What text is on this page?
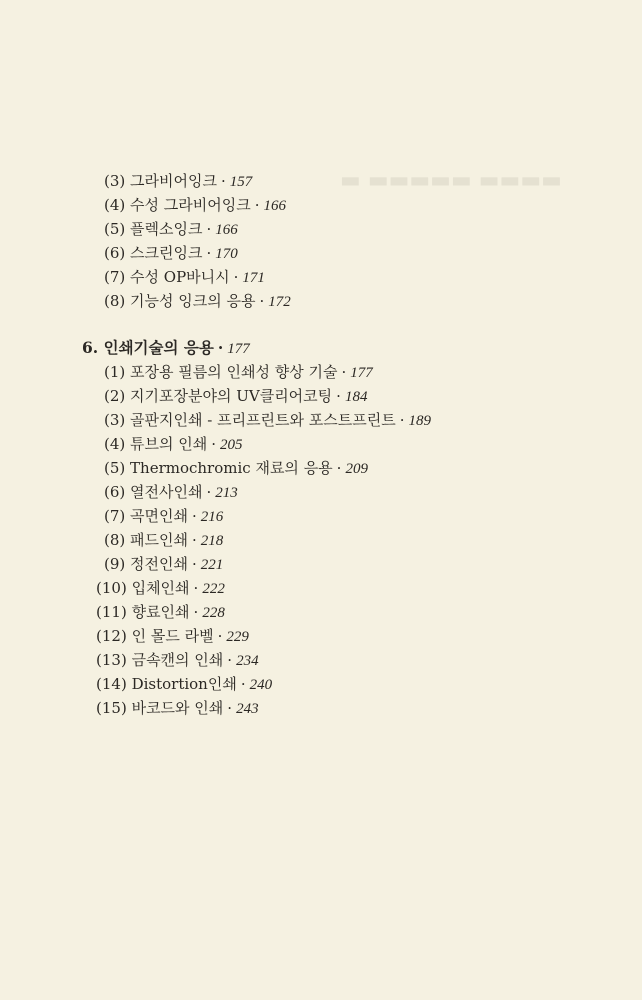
▬▬▬▬ ▬▬▬▬▬ ▬
(3) 그라비어잉크 · 157
(4) 수성 그라비어잉크 · 166
(5) 플렉소잉크 · 166
(6) 스크린잉크 · 170
(7) 수성 OP바니시 · 171
(8) 기능성 잉크의 응용 · 172
6. 인쇄기술의 응용 · 177
(1) 포장용 필름의 인쇄성 향상 기술 · 177
(2) 지기포장분야의 UV클리어코팅 · 184
(3) 골판지인쇄 - 프리프린트와 포스트프린트 · 189
(4) 튜브의 인쇄 · 205
(5) Thermochromic 재료의 응용 · 209
(6) 열전사인쇄 · 213
(7) 곡면인쇄 · 216
(8) 패드인쇄 · 218
(9) 정전인쇄 · 221
(10) 입체인쇄 · 222
(11) 향료인쇄 · 228
(12) 인 몰드 라벨 · 229
(13) 금속캔의 인쇄 · 234
(14) Distortion인쇄 · 240
(15) 바코드와 인쇄 · 243
